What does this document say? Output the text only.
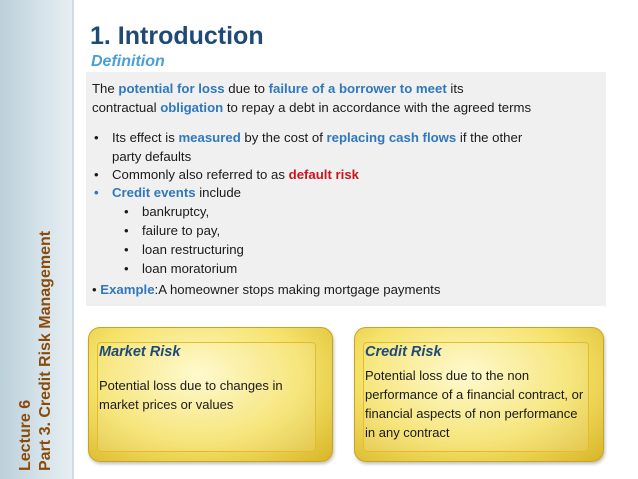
Lecture 6 Part 3. Credit Risk Management
1. Introduction
Definition
The potential for loss due to failure of a borrower to meet its
contractual obligation to repay a debt in accordance with the agreed terms
• Its effect is measured by the cost of replacing cash flows if the other
party defaults
• Commonly also referred to as default risk
• Credit events include
• bankruptcy,
• failure to pay,
• loan restructuring
• loan moratorium
• Example:A homeowner stops making mortgage payments
Market Risk
Potential loss due to changes in market prices or values
Credit Risk
Potential loss due to the non performance of a financial contract, or financial aspects of non performance in any contract
